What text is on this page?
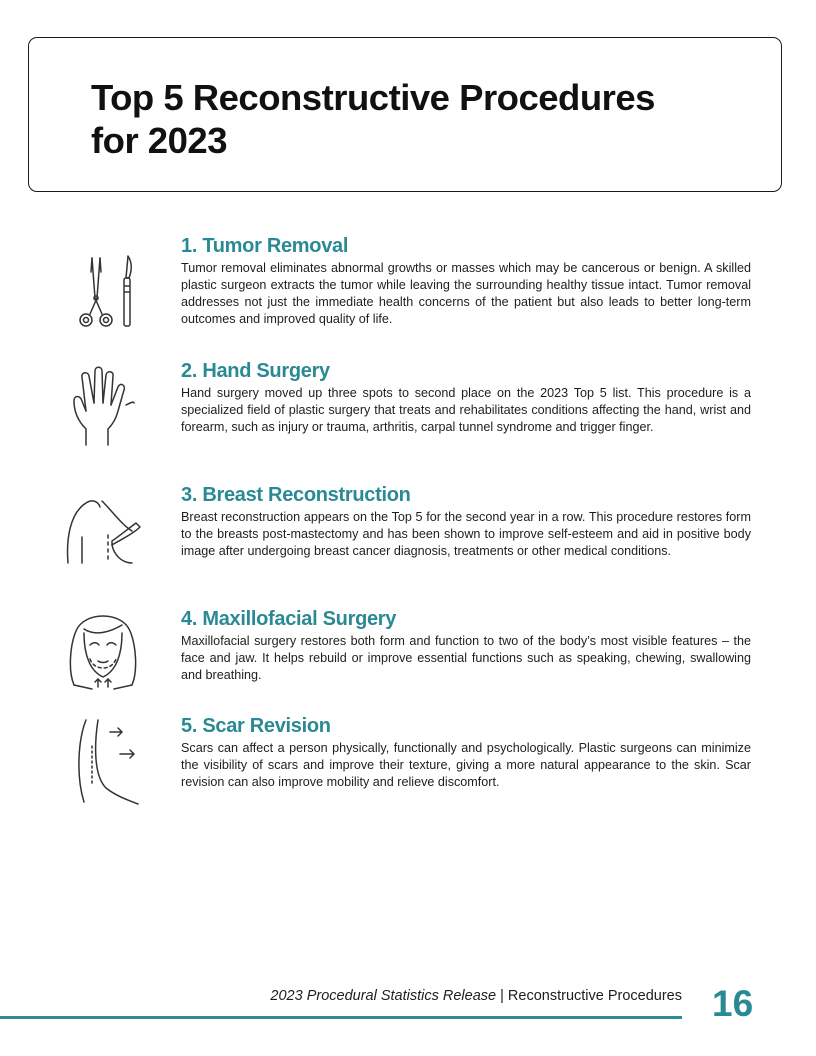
Top 5 Reconstructive Procedures
for 2023
1. Tumor Removal

Tumor removal eliminates abnormal growths or masses which may be cancerous or benign. A skilled plastic surgeon extracts the tumor while leaving the surrounding healthy tissue intact. Tumor removal addresses not just the immediate health concerns of the patient but also leads to better long-term outcomes and improved quality of life.

2. Hand Surgery

Hand surgery moved up three spots to second place on the 2023 Top 5 list. This procedure is a specialized field of plastic surgery that treats and rehabilitates conditions affecting the hand, wrist and forearm, such as injury or trauma, arthritis, carpal tunnel syndrome and trigger finger.

3. Breast Reconstruction

Breast reconstruction appears on the Top 5 for the second year in a row. This procedure restores form to the breasts post-mastectomy and has been shown to improve self-esteem and aid in positive body image after undergoing breast cancer diagnosis, treatments or other medical conditions.

4. Maxillofacial Surgery

Maxillofacial surgery restores both form and function to two of the body’s most visible features – the face and jaw. It helps rebuild or improve essential functions such as speaking, chewing, swallowing and breathing.

5. Scar Revision

Scars can affect a person physically, functionally and psychologically. Plastic surgeons can minimize the visibility of scars and improve their texture, giving a more natural appearance to the skin. Scar revision can also improve mobility and relieve discomfort.

2023 Procedural Statistics Release | Reconstructive Procedures 16
